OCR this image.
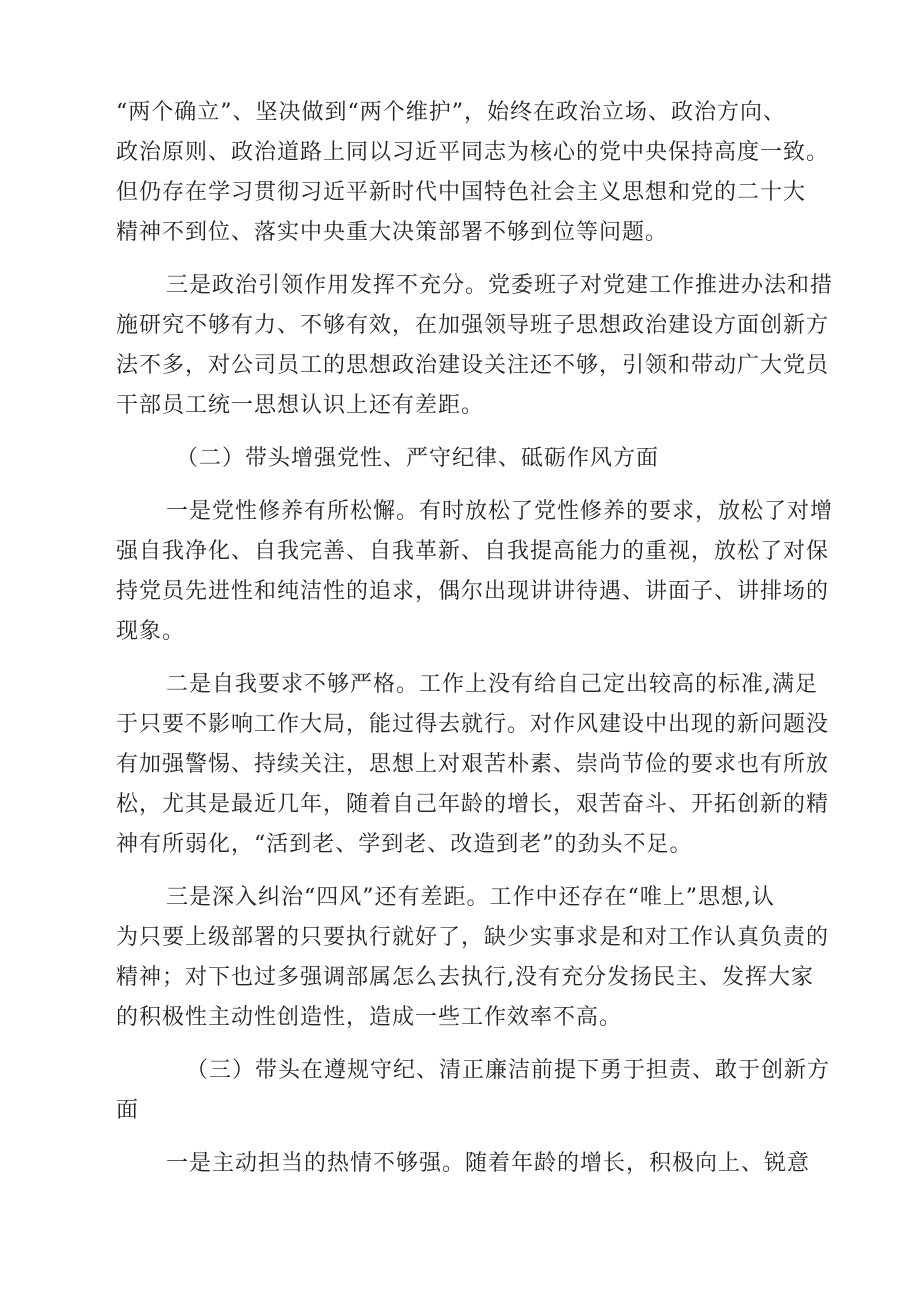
“两个确立”、坚决做到“两个维护”，始终在政治立场、政治方向、
政治原则、政治道路上同以习近平同志为核心的党中央保持高度一致。
但仍存在学习贯彻习近平新时代中国特色社会主义思想和党的二十大
精神不到位、落实中央重大决策部署不够到位等问题。
三是政治引领作用发挥不充分。党委班子对党建工作推进办法和措
施研究不够有力、不够有效，在加强领导班子思想政治建设方面创新方
法不多，对公司员工的思想政治建设关注还不够，引领和带动广大党员
干部员工统一思想认识上还有差距。
（二）带头增强党性、严守纪律、砥砺作风方面
一是党性修养有所松懈。有时放松了党性修养的要求，放松了对增
强自我净化、自我完善、自我革新、自我提高能力的重视，放松了对保
持党员先进性和纯洁性的追求，偶尔出现讲讲待遇、讲面子、讲排场的
现象。
二是自我要求不够严格。工作上没有给自己定出较高的标准,满足
于只要不影响工作大局，能过得去就行。对作风建设中出现的新问题没
有加强警惕、持续关注，思想上对艰苦朴素、崇尚节俭的要求也有所放
松，尤其是最近几年，随着自己年龄的增长，艰苦奋斗、开拓创新的精
神有所弱化，“活到老、学到老、改造到老”的劲头不足。
三是深入纠治“四风”还有差距。工作中还存在“唯上”思想,认
为只要上级部署的只要执行就好了，缺少实事求是和对工作认真负责的
精神；对下也过多强调部属怎么去执行,没有充分发扬民主、发挥大家
的积极性主动性创造性，造成一些工作效率不高。
（三）带头在遵规守纪、清正廉洁前提下勇于担责、敢于创新方
面
一是主动担当的热情不够强。随着年龄的增长，积极向上、锐意
